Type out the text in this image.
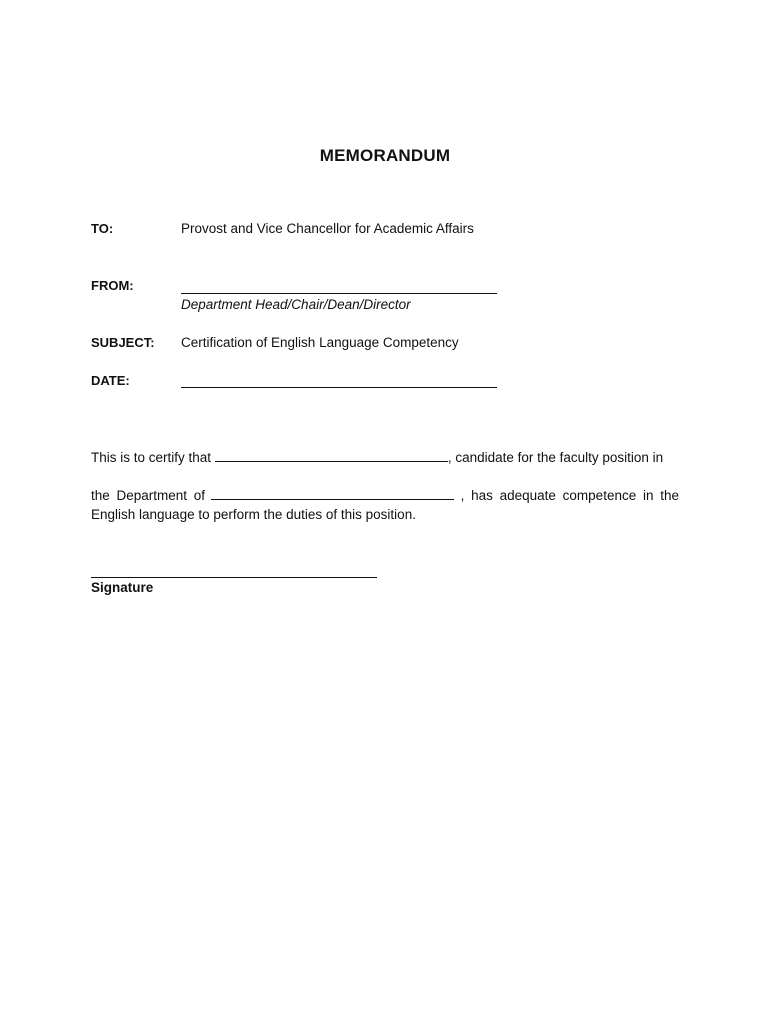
MEMORANDUM
TO:	Provost and Vice Chancellor for Academic Affairs
FROM:
Department Head/Chair/Dean/Director
SUBJECT: Certification of English Language Competency
DATE:
This is to certify that	, candidate for the faculty position in
the Department of	, has adequate competence in the
English language to perform the duties of this position.
Signature
